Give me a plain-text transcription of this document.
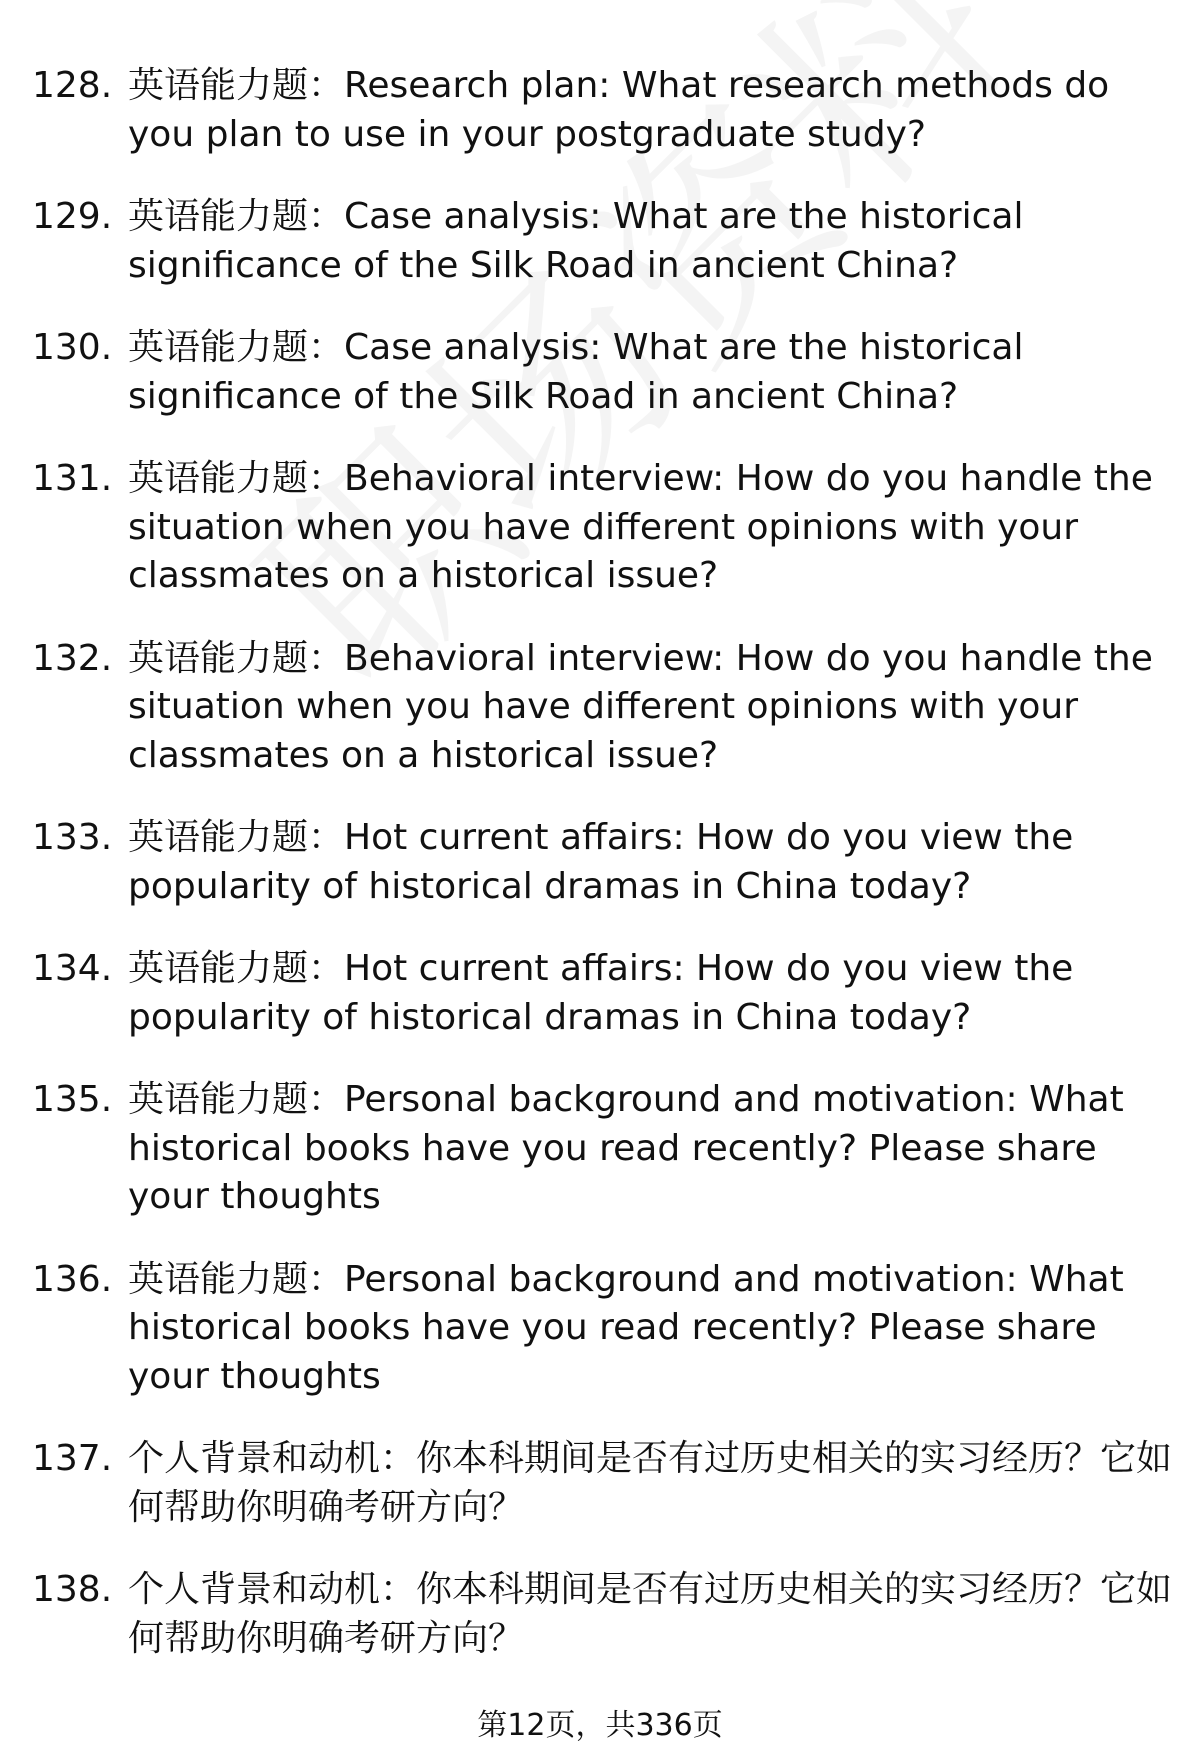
128. 英语能力题：Research plan: What research methods do you plan to use in your postgraduate study?
129. 英语能力题：Case analysis: What are the historical significance of the Silk Road in ancient China?
130. 英语能力题：Case analysis: What are the historical significance of the Silk Road in ancient China?
131. 英语能力题：Behavioral interview: How do you handle the situation when you have different opinions with your classmates on a historical issue?
132. 英语能力题：Behavioral interview: How do you handle the situation when you have different opinions with your classmates on a historical issue?
133. 英语能力题：Hot current affairs: How do you view the popularity of historical dramas in China today?
134. 英语能力题：Hot current affairs: How do you view the popularity of historical dramas in China today?
135. 英语能力题：Personal background and motivation: What historical books have you read recently? Please share your thoughts
136. 英语能力题：Personal background and motivation: What historical books have you read recently? Please share your thoughts
137. 个人背景和动机：你本科期间是否有过历史相关的实习经历？它如何帮助你明确考研方向？
138. 个人背景和动机：你本科期间是否有过历史相关的实习经历？它如何帮助你明确考研方向？
第12页，共336页
